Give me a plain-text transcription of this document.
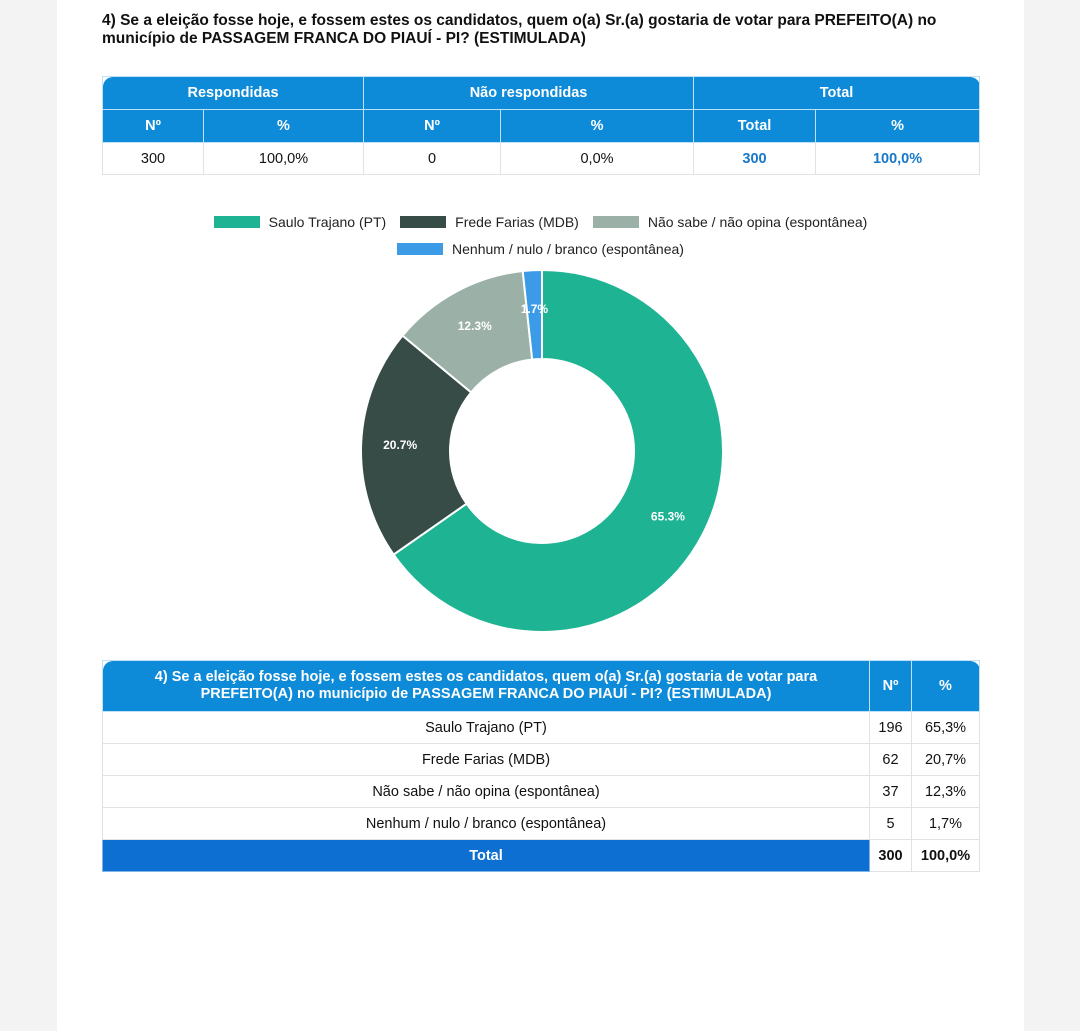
4) Se a eleição fosse hoje, e fossem estes os candidatos, quem o(a) Sr.(a) gostaria de votar para PREFEITO(A) no município de PASSAGEM FRANCA DO PIAUÍ - PI? (ESTIMULADA)
Respondidas		Não respondidas		Total	
Nº	%	Nº	%	Total	%
300	100,0%	0	0,0%	300	100,0%
Saulo Trajano (PT)	Frede Farias (MDB)	Não sabe / não opina (espontânea)
Nenhum / nulo / branco (espontânea)
65.3%
20.7%
12.3%
1.7%
4) Se a eleição fosse hoje, e fossem estes os candidatos, quem o(a) Sr.(a) gostaria de votar para PREFEITO(A) no município de PASSAGEM FRANCA DO PIAUÍ - PI? (ESTIMULADA)	Nº	%
Saulo Trajano (PT)	196	65,3%
Frede Farias (MDB)	62	20,7%
Não sabe / não opina (espontânea)	37	12,3%
Nenhum / nulo / branco (espontânea)	5	1,7%
Total	300	100,0%
